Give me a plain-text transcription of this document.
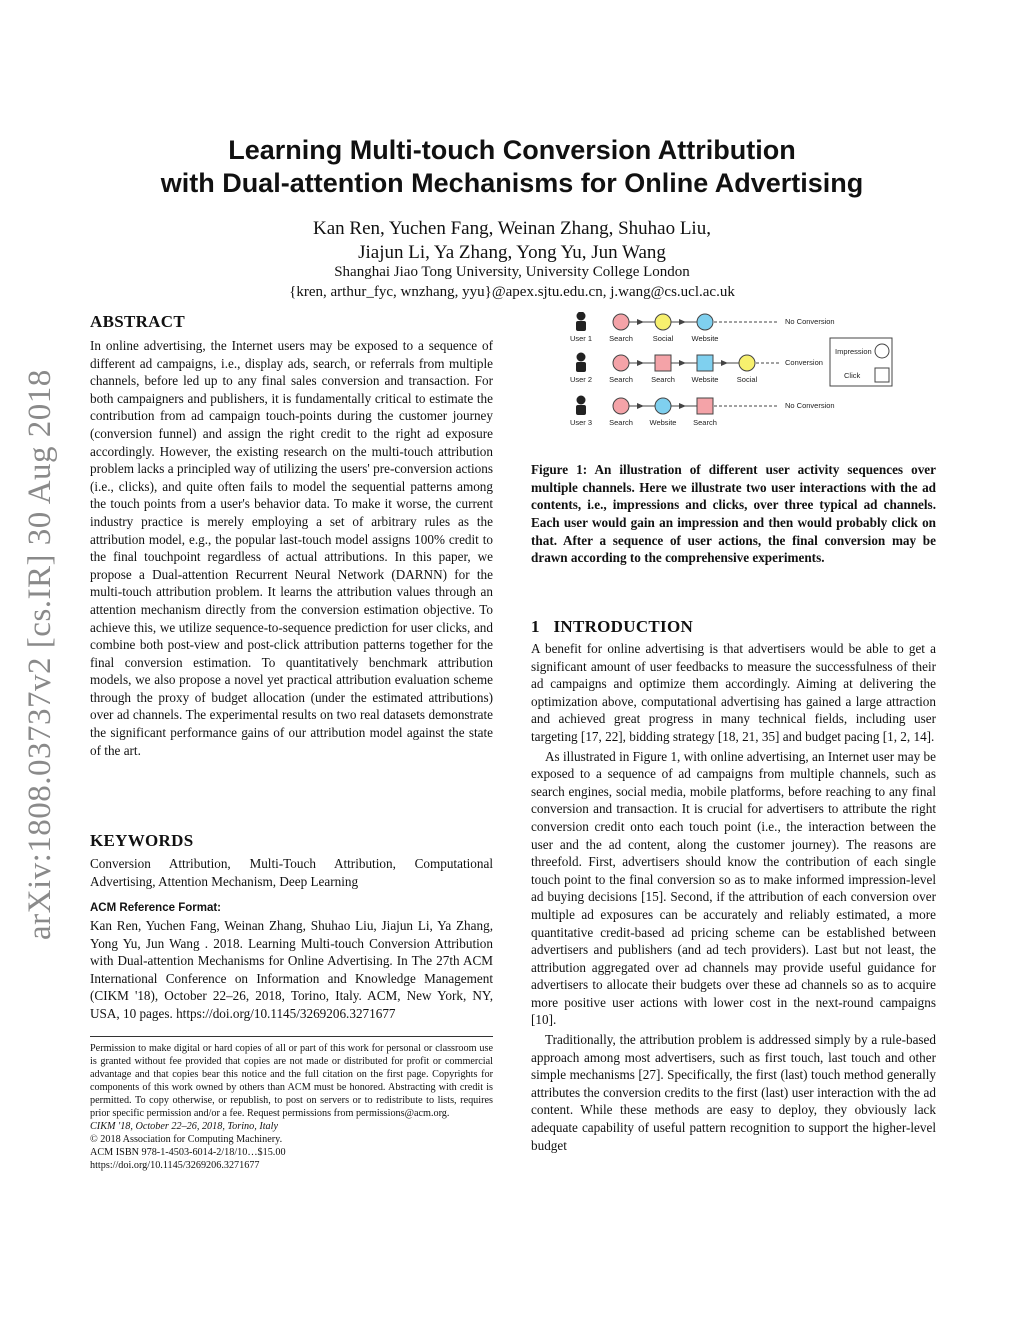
arXiv:1808.03737v2 [cs.IR] 30 Aug 2018
Learning Multi-touch Conversion Attribution
with Dual-attention Mechanisms for Online Advertising
Kan Ren, Yuchen Fang, Weinan Zhang, Shuhao Liu,
Jiajun Li, Ya Zhang, Yong Yu, Jun Wang
Shanghai Jiao Tong University, University College London
{kren, arthur_fyc, wnzhang, yyu}@apex.sjtu.edu.cn, j.wang@cs.ucl.ac.uk
ABSTRACT

In online advertising, the Internet users may be exposed to a sequence of different ad campaigns, i.e., display ads, search, or referrals from multiple channels, before led up to any final sales conversion and transaction. For both campaigners and publishers, it is fundamentally critical to estimate the contribution from ad campaign touch-points during the customer journey (conversion funnel) and assign the right credit to the right ad exposure accordingly. However, the existing research on the multi-touch attribution problem lacks a principled way of utilizing the users' pre-conversion actions (i.e., clicks), and quite often fails to model the sequential patterns among the touch points from a user's behavior data. To make it worse, the current industry practice is merely employing a set of arbitrary rules as the attribution model, e.g., the popular last-touch model assigns 100% credit to the final touchpoint regardless of actual attributions. In this paper, we propose a Dual-attention Recurrent Neural Network (DARNN) for the multi-touch attribution problem. It learns the attribution values through an attention mechanism directly from the conversion estimation objective. To achieve this, we utilize sequence-to-sequence prediction for user clicks, and combine both post-view and post-click attribution patterns together for the final conversion estimation. To quantitatively benchmark attribution models, we also propose a novel yet practical attribution evaluation scheme through the proxy of budget allocation (under the estimated attributions) over ad channels. The experimental results on two real datasets demonstrate the significant performance gains of our attribution model against the state of the art.

KEYWORDS

Conversion Attribution, Multi-Touch Attribution, Computational Advertising, Attention Mechanism, Deep Learning

ACM Reference Format:

Kan Ren, Yuchen Fang, Weinan Zhang, Shuhao Liu, Jiajun Li, Ya Zhang, Yong Yu, Jun Wang . 2018. Learning Multi-touch Conversion Attribution with Dual-attention Mechanisms for Online Advertising. In The 27th ACM International Conference on Information and Knowledge Management (CIKM '18), October 22–26, 2018, Torino, Italy. ACM, New York, NY, USA, 10 pages. https://doi.org/10.1145/3269206.3271677

Permission to make digital or hard copies of all or part of this work for personal or classroom use is granted without fee provided that copies are not made or distributed for profit or commercial advantage and that copies bear this notice and the full citation on the first page. Copyrights for components of this work owned by others than ACM must be honored. Abstracting with credit is permitted. To copy otherwise, or republish, to post on servers or to redistribute to lists, requires prior specific permission and/or a fee. Request permissions from permissions@acm.org.
CIKM '18, October 22–26, 2018, Torino, Italy
© 2018 Association for Computing Machinery.
ACM ISBN 978-1-4503-6014-2/18/10…$15.00
https://doi.org/10.1145/3269206.3271677
User 1 Search	Social Website
No Conversion
User 2 Search Search Website Social
Conversion
Impression
Click
User 3 Search Website Search
No Conversion

Figure 1: An illustration of different user activity sequences over multiple channels. Here we illustrate two user interactions with the ad contents, i.e., impressions and clicks, over three typical ad channels. Each user would gain an impression and then would probably click on that. After a sequence of user actions, the final conversion may be drawn according to the comprehensive experiments.

1   INTRODUCTION

A benefit for online advertising is that advertisers would be able to get a significant amount of user feedbacks to measure the successfulness of their ad campaigns and optimize them accordingly. Aiming at delivering the optimization above, computational advertising has gained a large attraction and achieved great progress in many technical fields, including user targeting [17, 22], bidding strategy [18, 21, 35] and budget pacing [1, 2, 14].

As illustrated in Figure 1, with online advertising, an Internet user may be exposed to a sequence of ad campaigns from multiple channels, such as search engines, social media, mobile platforms, before reaching to any final conversion and transaction. It is crucial for advertisers to attribute the right conversion credit onto each touch point (i.e., the interaction between the user and the ad content, along the customer journey). The reasons are threefold. First, advertisers should know the contribution of each single touch point to the final conversion so as to make informed impression-level ad buying decisions [15]. Second, if the attribution of each conversion over multiple ad exposures can be accurately and reliably estimated, a more quantitative credit-based ad pricing scheme can be established between advertisers and publishers (and ad tech providers). Last but not least, the attribution aggregated over ad channels may provide useful guidance for advertisers to allocate their budgets over these ad channels so as to acquire more positive user actions with lower cost in the next-round campaigns [10].

Traditionally, the attribution problem is addressed simply by a rule-based approach among most advertisers, such as first touch, last touch and other simple mechanisms [27]. Specifically, the first (last) touch method generally attributes the conversion credits to the first (last) user interaction with the ad content. While these methods are easy to deploy, they obviously lack adequate capability of useful pattern recognition to support the higher-level budget
